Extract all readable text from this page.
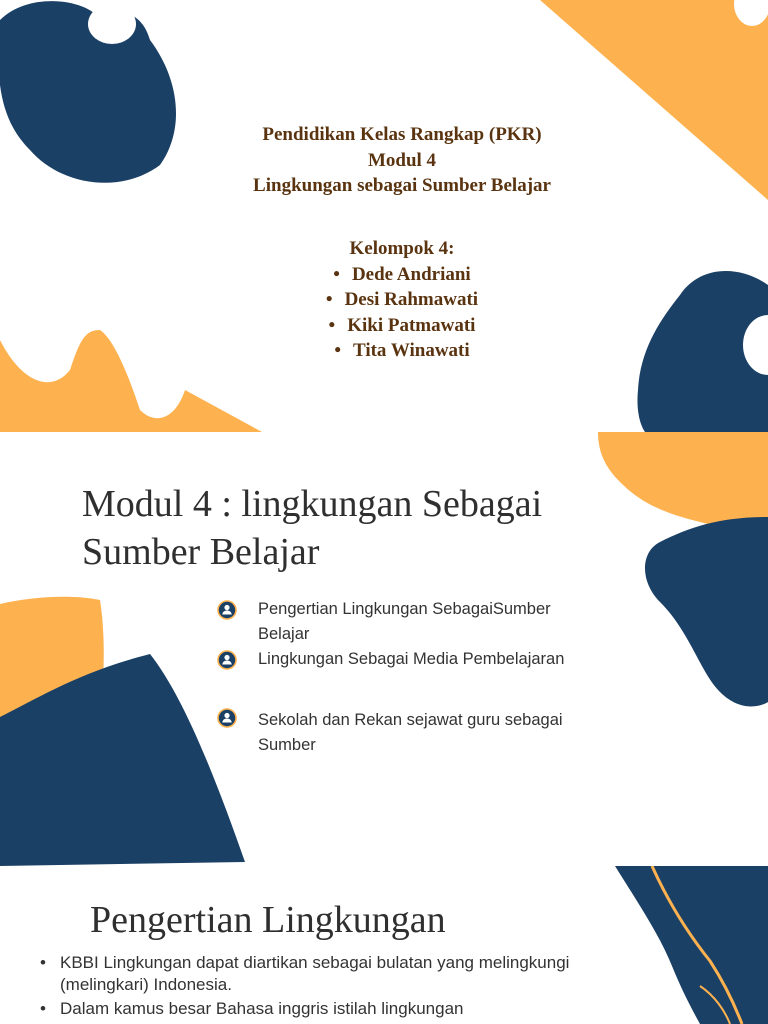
Pendidikan Kelas Rangkap (PKR)
Modul 4
Lingkungan sebagai Sumber Belajar
Kelompok 4:
• Dede Andriani
• Desi Rahmawati
• Kiki Patmawati
• Tita Winawati
Modul 4 : lingkungan Sebagai Sumber Belajar
Pengertian Lingkungan SebagaiSumber Belajar
Lingkungan Sebagai Media Pembelajaran
Sekolah dan Rekan sejawat guru sebagai Sumber
Pengertian Lingkungan
• KBBI Lingkungan dapat diartikan sebagai bulatan yang melingkungi (melingkari) Indonesia.
• Dalam kamus besar Bahasa inggris istilah lingkungan
